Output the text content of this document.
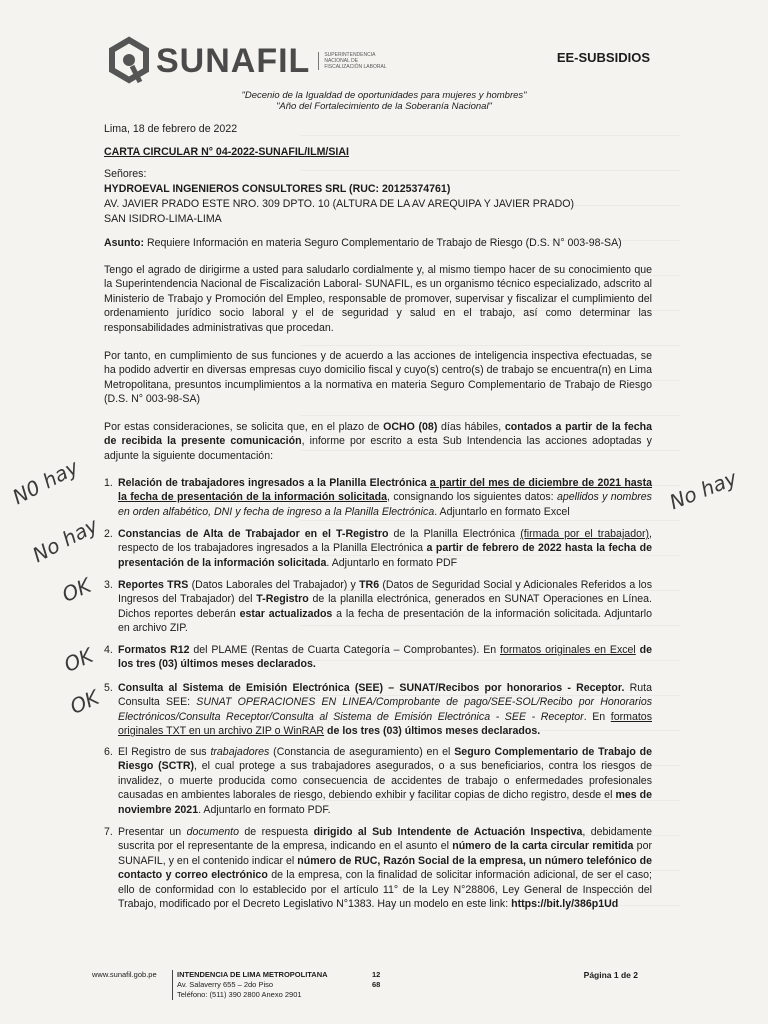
SUNAFIL	SUPERINTENDENCIA NACIONAL DE FISCALIZACIÓN LABORAL
EE-SUBSIDIOS
"Decenio de la Igualdad de oportunidades para mujeres y hombres"
"Año del Fortalecimiento de la Soberanía Nacional"
Lima, 18 de febrero de 2022
CARTA CIRCULAR N° 04-2022-SUNAFIL/ILM/SIAI
Señores:
HYDROEVAL INGENIEROS CONSULTORES SRL (RUC: 20125374761)
AV. JAVIER PRADO ESTE NRO. 309 DPTO. 10 (ALTURA DE LA AV AREQUIPA Y JAVIER PRADO)
SAN ISIDRO-LIMA-LIMA
Asunto: Requiere Información en materia Seguro Complementario de Trabajo de Riesgo (D.S. N° 003-98-SA)
Tengo el agrado de dirigirme a usted para saludarlo cordialmente y, al mismo tiempo hacer de su conocimiento que la Superintendencia Nacional de Fiscalización Laboral- SUNAFIL, es un organismo técnico especializado, adscrito al Ministerio de Trabajo y Promoción del Empleo, responsable de promover, supervisar y fiscalizar el cumplimiento del ordenamiento jurídico socio laboral y el de seguridad y salud en el trabajo, así como determinar las responsabilidades administrativas que procedan.
Por tanto, en cumplimiento de sus funciones y de acuerdo a las acciones de inteligencia inspectiva efectuadas, se ha podido advertir en diversas empresas cuyo domicilio fiscal y cuyo(s) centro(s) de trabajo se encuentra(n) en Lima Metropolitana, presuntos incumplimientos a la normativa en materia Seguro Complementario de Trabajo de Riesgo (D.S. N° 003-98-SA)
Por estas consideraciones, se solicita que, en el plazo de OCHO (08) días hábiles, contados a partir de la fecha de recibida la presente comunicación, informe por escrito a esta Sub Intendencia las acciones adoptadas y adjunte la siguiente documentación:
1. Relación de trabajadores ingresados a la Planilla Electrónica a partir del mes de diciembre de 2021 hasta la fecha de presentación de la información solicitada, consignando los siguientes datos: apellidos y nombres en orden alfabético, DNI y fecha de ingreso a la Planilla Electrónica. Adjuntarlo en formato Excel
2. Constancias de Alta de Trabajador en el T-Registro de la Planilla Electrónica (firmada por el trabajador), respecto de los trabajadores ingresados a la Planilla Electrónica a partir de febrero de 2022 hasta la fecha de presentación de la información solicitada. Adjuntarlo en formato PDF
3. Reportes TRS (Datos Laborales del Trabajador) y TR6 (Datos de Seguridad Social y Adicionales Referidos a los Ingresos del Trabajador) del T-Registro de la planilla electrónica, generados en SUNAT Operaciones en Línea. Dichos reportes deberán estar actualizados a la fecha de presentación de la información solicitada. Adjuntarlo en archivo ZIP.
4. Formatos R12 del PLAME (Rentas de Cuarta Categoría – Comprobantes). En formatos originales en Excel de los tres (03) últimos meses declarados.
5. Consulta al Sistema de Emisión Electrónica (SEE) – SUNAT/Recibos por honorarios - Receptor. Ruta Consulta SEE: SUNAT OPERACIONES EN LINEA/Comprobante de pago/SEE-SOL/Recibo por Honorarios Electrónicos/Consulta Receptor/Consulta al Sistema de Emisión Electrónica - SEE - Receptor. En formatos originales TXT en un archivo ZIP o WinRAR de los tres (03) últimos meses declarados.
6. El Registro de sus trabajadores (Constancia de aseguramiento) en el Seguro Complementario de Trabajo de Riesgo (SCTR), el cual protege a sus trabajadores asegurados, o a sus beneficiarios, contra los riesgos de invalidez, o muerte producida como consecuencia de accidentes de trabajo o enfermedades profesionales causadas en ambientes laborales de riesgo, debiendo exhibir y facilitar copias de dicho registro, desde el mes de noviembre 2021. Adjuntarlo en formato PDF.
7. Presentar un documento de respuesta dirigido al Sub Intendente de Actuación Inspectiva, debidamente suscrita por el representante de la empresa, indicando en el asunto el número de la carta circular remitida por SUNAFIL, y en el contenido indicar el número de RUC, Razón Social de la empresa, un número telefónico de contacto y correo electrónico de la empresa, con la finalidad de solicitar información adicional, de ser el caso; ello de conformidad con lo establecido por el artículo 11° de la Ley N°28806, Ley General de Inspección del Trabajo, modificado por el Decreto Legislativo N°1383. Hay un modelo en este link: https://bit.ly/386p1Ud
N0 hay	No hay
No hay
OK
OK
OK
www.sunafil.gob.pe	INTENDENCIA DE LIMA METROPOLITANA
Av. Salaverry 655 – 2do Piso
Teléfono: (511) 390 2800 Anexo 2901
12
68
Página 1 de 2
